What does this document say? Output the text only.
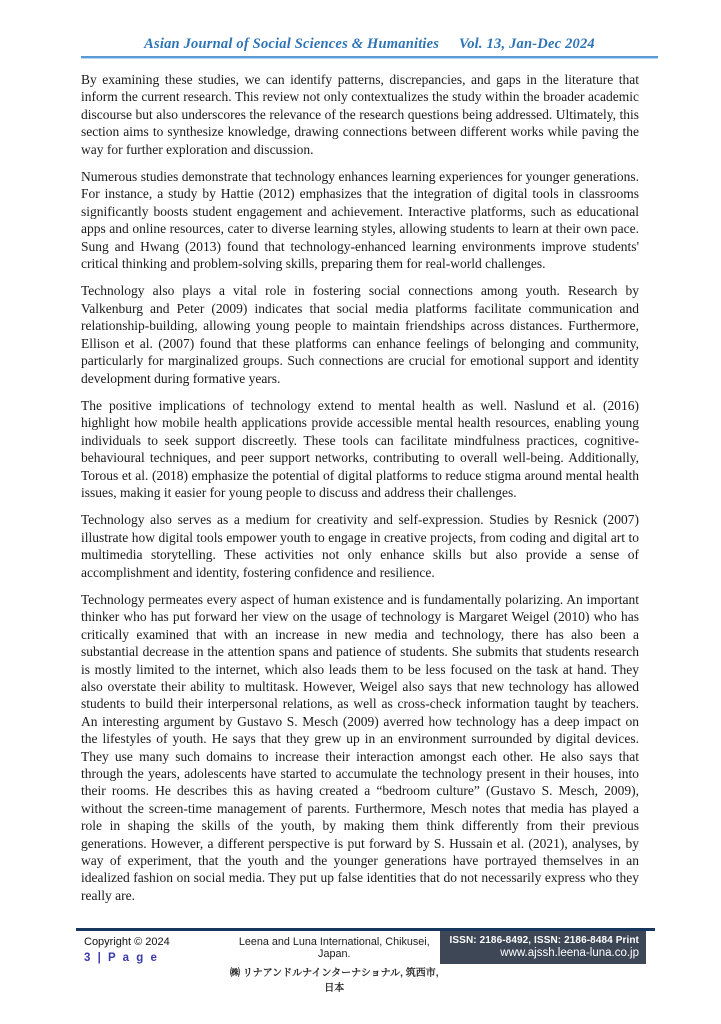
Asian Journal of Social Sciences & Humanities Vol. 13, Jan-Dec 2024

By examining these studies, we can identify patterns, discrepancies, and gaps in the literature that inform the current research. This review not only contextualizes the study within the broader academic discourse but also underscores the relevance of the research questions being addressed. Ultimately, this section aims to synthesize knowledge, drawing connections between different works while paving the way for further exploration and discussion.

Numerous studies demonstrate that technology enhances learning experiences for younger generations. For instance, a study by Hattie (2012) emphasizes that the integration of digital tools in classrooms significantly boosts student engagement and achievement. Interactive platforms, such as educational apps and online resources, cater to diverse learning styles, allowing students to learn at their own pace. Sung and Hwang (2013) found that technology-enhanced learning environments improve students' critical thinking and problem-solving skills, preparing them for real-world challenges.

Technology also plays a vital role in fostering social connections among youth. Research by Valkenburg and Peter (2009) indicates that social media platforms facilitate communication and relationship-building, allowing young people to maintain friendships across distances. Furthermore, Ellison et al. (2007) found that these platforms can enhance feelings of belonging and community, particularly for marginalized groups. Such connections are crucial for emotional support and identity development during formative years.

The positive implications of technology extend to mental health as well. Naslund et al. (2016) highlight how mobile health applications provide accessible mental health resources, enabling young individuals to seek support discreetly. These tools can facilitate mindfulness practices, cognitive-behavioural techniques, and peer support networks, contributing to overall well-being. Additionally, Torous et al. (2018) emphasize the potential of digital platforms to reduce stigma around mental health issues, making it easier for young people to discuss and address their challenges.

Technology also serves as a medium for creativity and self-expression. Studies by Resnick (2007) illustrate how digital tools empower youth to engage in creative projects, from coding and digital art to multimedia storytelling. These activities not only enhance skills but also provide a sense of accomplishment and identity, fostering confidence and resilience.

Technology permeates every aspect of human existence and is fundamentally polarizing. An important thinker who has put forward her view on the usage of technology is Margaret Weigel (2010) who has critically examined that with an increase in new media and technology, there has also been a substantial decrease in the attention spans and patience of students. She submits that students research is mostly limited to the internet, which also leads them to be less focused on the task at hand. They also overstate their ability to multitask. However, Weigel also says that new technology has allowed students to build their interpersonal relations, as well as cross-check information taught by teachers. An interesting argument by Gustavo S. Mesch (2009) averred how technology has a deep impact on the lifestyles of youth. He says that they grew up in an environment surrounded by digital devices. They use many such domains to increase their interaction amongst each other. He also says that through the years, adolescents have started to accumulate the technology present in their houses, into their rooms. He describes this as having created a “bedroom culture” (Gustavo S. Mesch, 2009), without the screen-time management of parents. Furthermore, Mesch notes that media has played a role in shaping the skills of the youth, by making them think differently from their previous generations. However, a different perspective is put forward by S. Hussain et al. (2021), analyses, by way of experiment, that the youth and the younger generations have portrayed themselves in an idealized fashion on social media. They put up false identities that do not necessarily express who they really are.

Copyright © 2024
3 | P a g e
Leena and Luna International, Chikusei, Japan.
㈱ リナアンドルナインターナショナル, 筑西市,日本
ISSN: 2186-8492, ISSN: 2186-8484 Print
www.ajssh.leena-luna.co.jp
